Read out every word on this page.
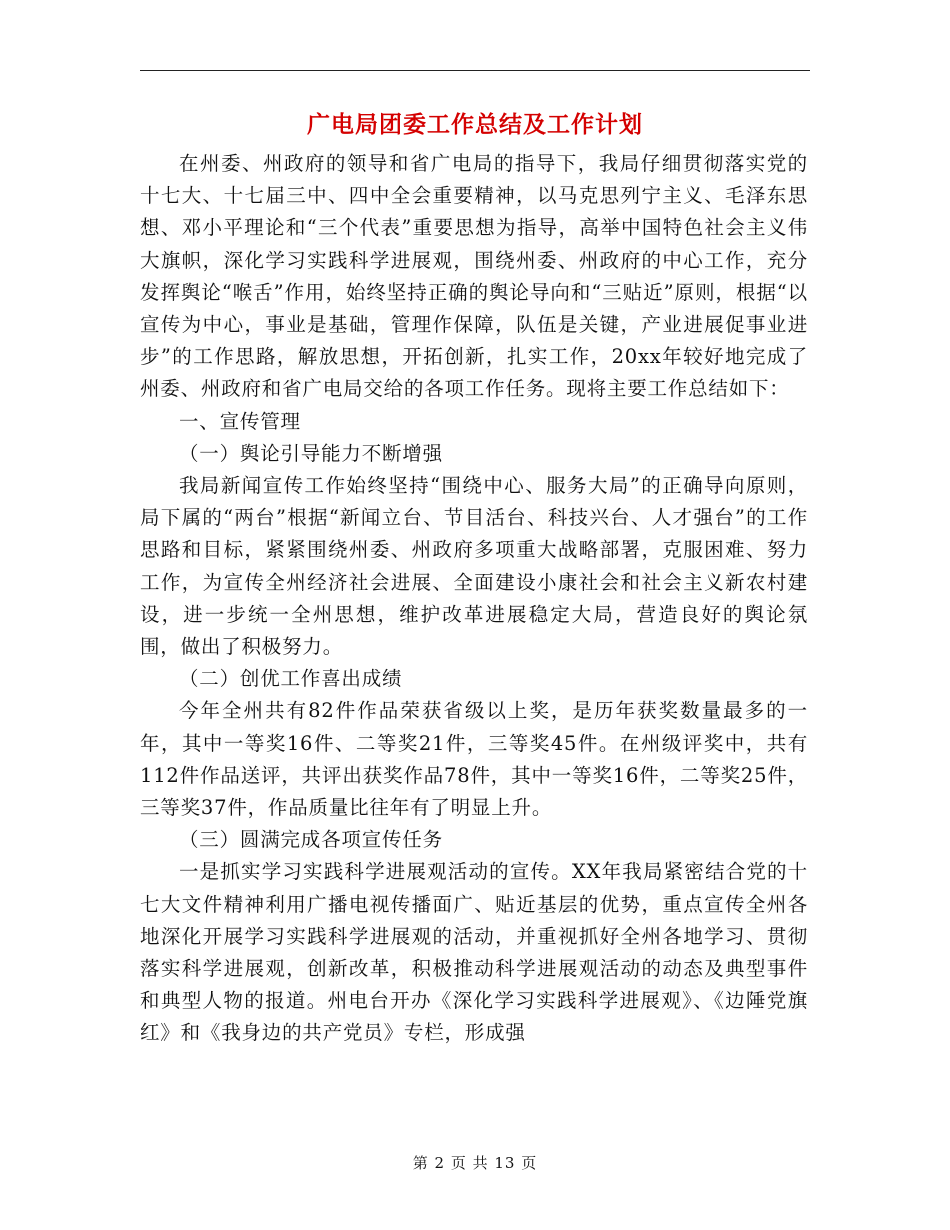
广电局团委工作总结及工作计划

在州委、州政府的领导和省广电局的指导下，我局仔细贯彻落实党的十七大、十七届三中、四中全会重要精神，以马克思列宁主义、毛泽东思想、邓小平理论和“三个代表”重要思想为指导，高举中国特色社会主义伟大旗帜，深化学习实践科学进展观，围绕州委、州政府的中心工作，充分发挥舆论“喉舌”作用，始终坚持正确的舆论导向和“三贴近”原则，根据“以宣传为中心，事业是基础，管理作保障，队伍是关键，产业进展促事业进步”的工作思路，解放思想，开拓创新，扎实工作，20xx年较好地完成了州委、州政府和省广电局交给的各项工作任务。现将主要工作总结如下：

一、宣传管理

（一）舆论引导能力不断增强

我局新闻宣传工作始终坚持“围绕中心、服务大局”的正确导向原则，局下属的“两台”根据“新闻立台、节目活台、科技兴台、人才强台”的工作思路和目标，紧紧围绕州委、州政府多项重大战略部署，克服困难、努力工作，为宣传全州经济社会进展、全面建设小康社会和社会主义新农村建设，进一步统一全州思想，维护改革进展稳定大局，营造良好的舆论氛围，做出了积极努力。

（二）创优工作喜出成绩

今年全州共有82件作品荣获省级以上奖，是历年获奖数量最多的一年，其中一等奖16件、二等奖21件，三等奖45件。在州级评奖中，共有112件作品送评，共评出获奖作品78件，其中一等奖16件，二等奖25件，三等奖37件，作品质量比往年有了明显上升。

（三）圆满完成各项宣传任务

一是抓实学习实践科学进展观活动的宣传。XX年我局紧密结合党的十七大文件精神利用广播电视传播面广、贴近基层的优势，重点宣传全州各地深化开展学习实践科学进展观的活动，并重视抓好全州各地学习、贯彻落实科学进展观，创新改革，积极推动科学进展观活动的动态及典型事件和典型人物的报道。州电台开办《深化学习实践科学进展观》、《边陲党旗红》和《我身边的共产党员》专栏，形成强

第 2 页 共 13 页
